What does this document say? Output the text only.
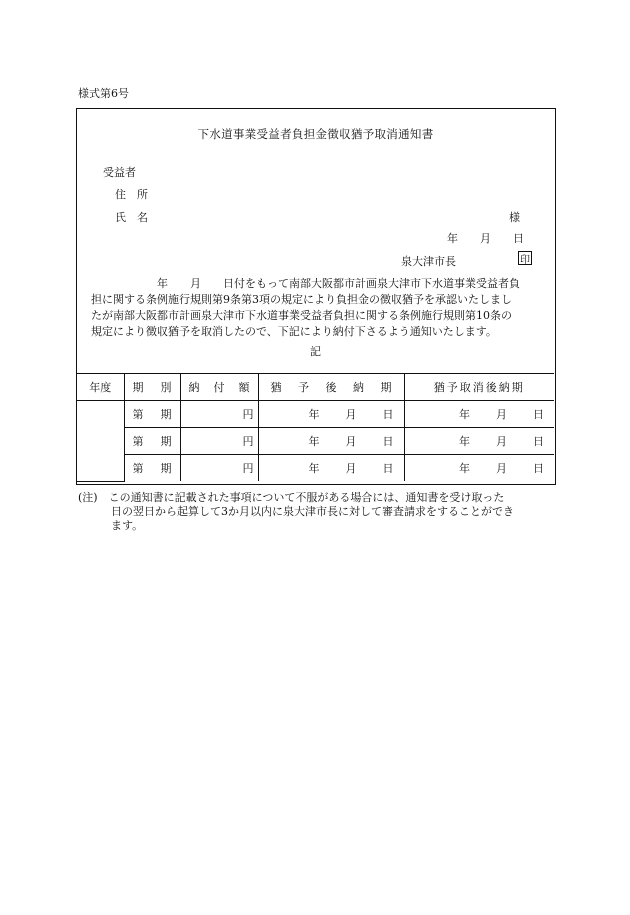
様式第6号
下水道事業受益者負担金徴収猶予取消通知書
受益者
住　所
氏　名	様
年　　月　　日
泉大津市長	印
　　　　　　年　　月　　日付をもって南部大阪都市計画泉大津市下水道事業受益者負
担に関する条例施行規則第9条第3項の規定により負担金の徴収猶予を承認いたしまし
たが南部大阪都市計画泉大津市下水道事業受益者負担に関する条例施行規則第10条の
規定により徴収猶予を取消したので、下記により納付下さるよう通知いたします。
記
年度	期 別	納 付 額	猶 予 後 納 期	猶予取消後納期

	第 期	円	年 月 日	年 月 日

	第 期	円	年 月 日	年 月 日

	第 期	円	年 月 日	年 月 日
(注)　この通知書に記載された事項について不服がある場合には、通知書を受け取った
　　　日の翌日から起算して3か月以内に泉大津市長に対して審査請求をすることができ
　　　ます。
